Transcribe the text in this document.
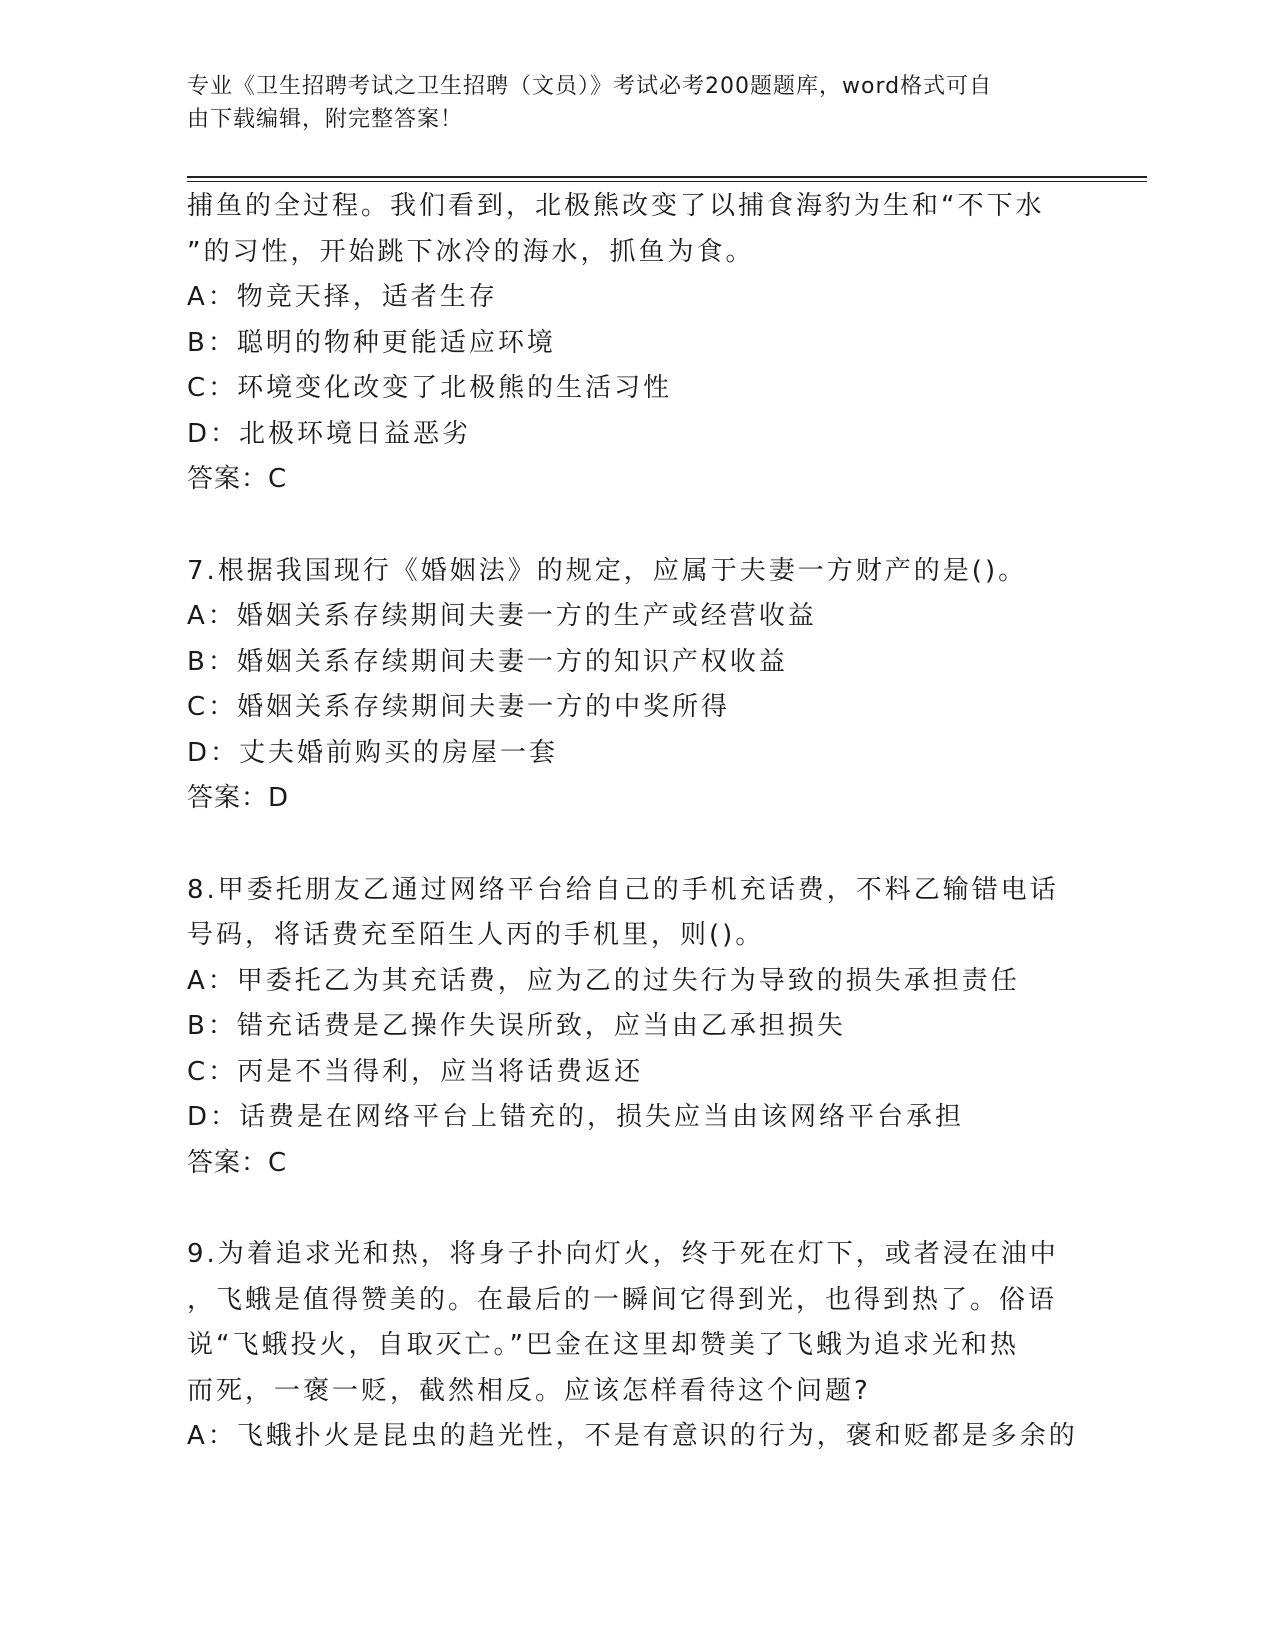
专业《卫生招聘考试之卫生招聘（文员）》考试必考200题题库，word格式可自
由下载编辑，附完整答案！
捕鱼的全过程。我们看到，北极熊改变了以捕食海豹为生和“不下水
”的习性，开始跳下冰冷的海水，抓鱼为食。
A：物竞天择，适者生存
B：聪明的物种更能适应环境
C：环境变化改变了北极熊的生活习性
D：北极环境日益恶劣
答案：C
7.根据我国现行《婚姻法》的规定，应属于夫妻一方财产的是()。
A：婚姻关系存续期间夫妻一方的生产或经营收益
B：婚姻关系存续期间夫妻一方的知识产权收益
C：婚姻关系存续期间夫妻一方的中奖所得
D：丈夫婚前购买的房屋一套
答案：D
8.甲委托朋友乙通过网络平台给自己的手机充话费，不料乙输错电话
号码，将话费充至陌生人丙的手机里，则()。
A：甲委托乙为其充话费，应为乙的过失行为导致的损失承担责任
B：错充话费是乙操作失误所致，应当由乙承担损失
C：丙是不当得利，应当将话费返还
D：话费是在网络平台上错充的，损失应当由该网络平台承担
答案：C
9.为着追求光和热，将身子扑向灯火，终于死在灯下，或者浸在油中
，飞蛾是值得赞美的。在最后的一瞬间它得到光，也得到热了。俗语
说“飞蛾投火，自取灭亡。”巴金在这里却赞美了飞蛾为追求光和热
而死，一褒一贬，截然相反。应该怎样看待这个问题?
A：飞蛾扑火是昆虫的趋光性，不是有意识的行为，褒和贬都是多余的
